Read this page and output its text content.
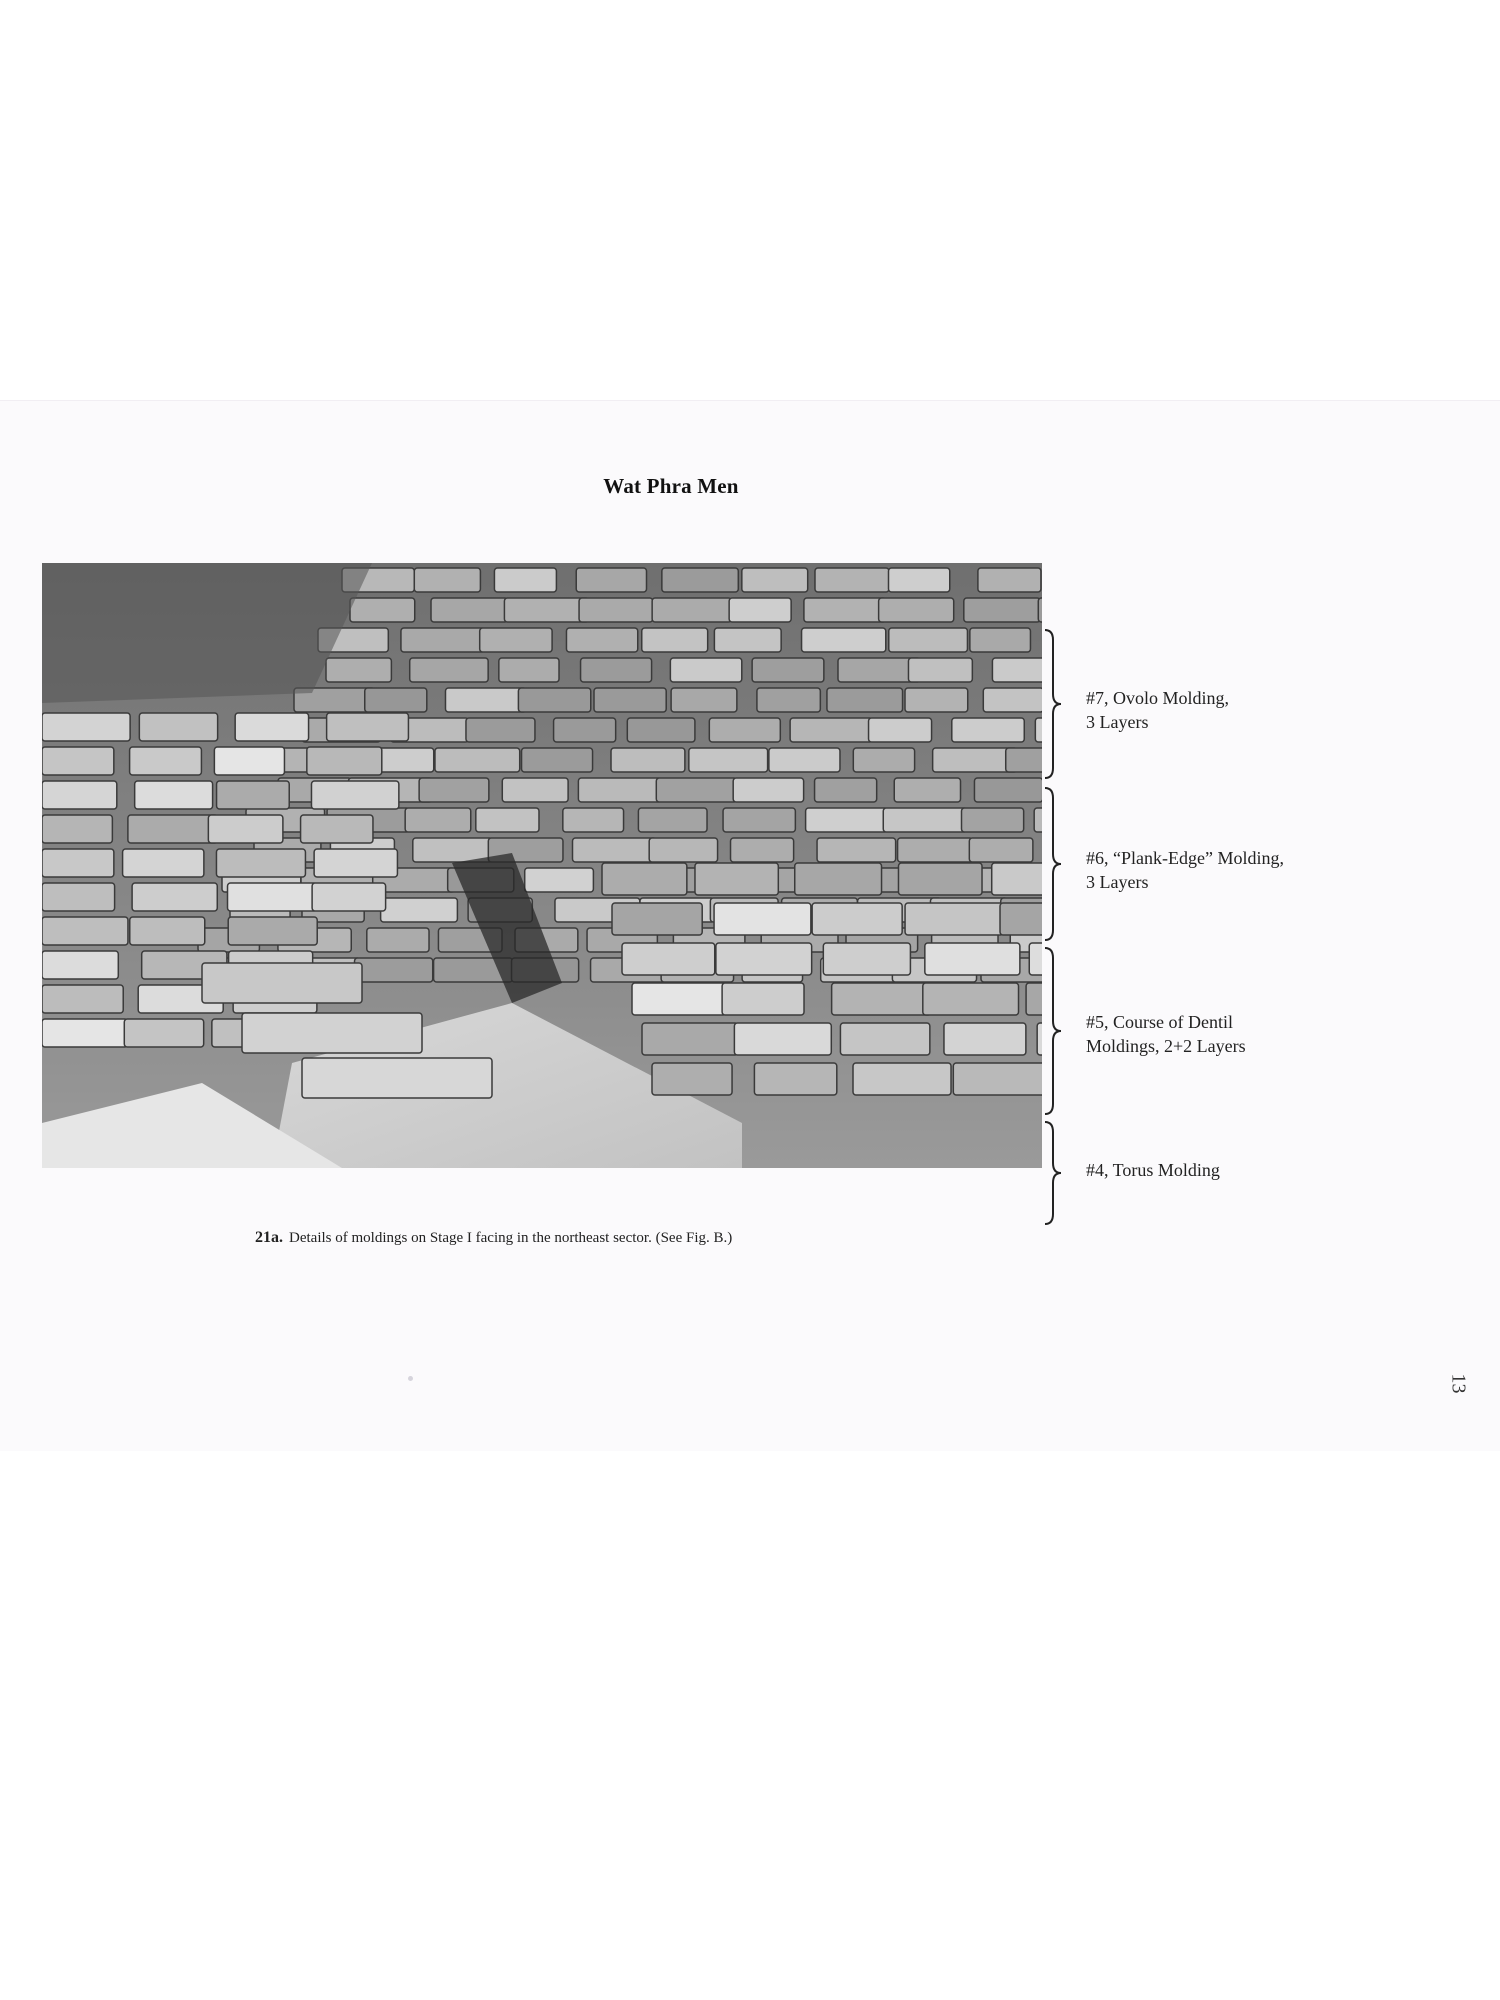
Wat Phra Men
#7, Ovolo Molding,
3 Layers
#6, “Plank-Edge” Molding,
3 Layers
#5, Course of Dentil
Moldings, 2+2 Layers
#4, Torus Molding
21a. Details of moldings on Stage I facing in the northeast sector. (See Fig. B.)
13
